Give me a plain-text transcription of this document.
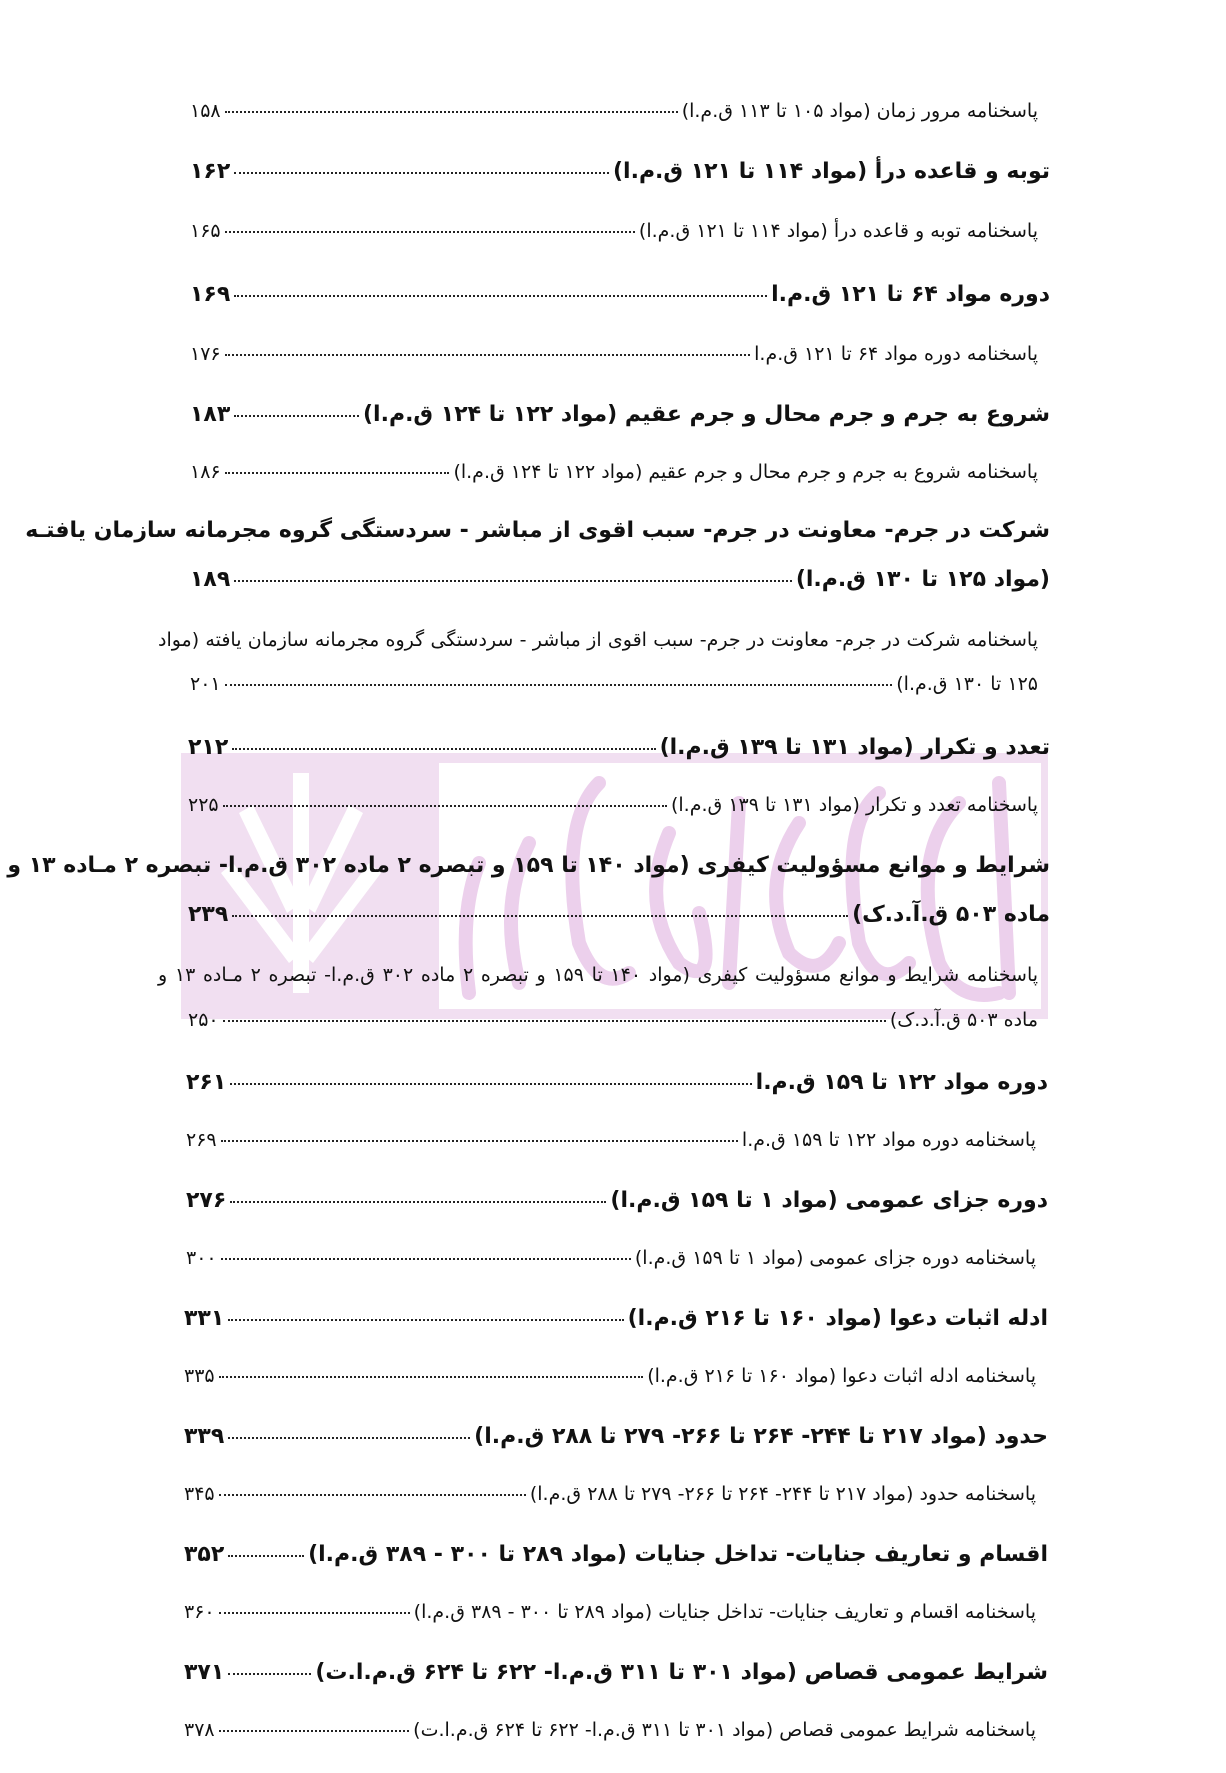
پاسخنامه مرور زمان (مواد ۱۰۵ تا ۱۱۳ ق.م.ا)
۱۵۸
توبه و قاعده درأ (مواد ۱۱۴ تا ۱۲۱ ق.م.ا)
۱۶۲
پاسخنامه توبه و قاعده درأ (مواد ۱۱۴ تا ۱۲۱ ق.م.ا)
۱۶۵
دوره مواد ۶۴ تا ۱۲۱ ق.م.ا
۱۶۹
پاسخنامه دوره مواد ۶۴ تا ۱۲۱ ق.م.ا
۱۷۶
شروع به جرم و جرم محال و جرم عقیم (مواد ۱۲۲ تا ۱۲۴ ق.م.ا)
۱۸۳
پاسخنامه شروع به جرم و جرم محال و جرم عقیم (مواد ۱۲۲ تا ۱۲۴ ق.م.ا)
۱۸۶
شرکت در جرم- معاونت در جرم- سبب اقوی از مباشر - سردستگی گروه مجرمانه سازمان یافتـه
(مواد ۱۲۵ تا ۱۳۰ ق.م.ا)
۱۸۹
پاسخنامه شرکت در جرم- معاونت در جرم- سبب اقوی از مباشر - سردستگی گروه مجرمانه سازمان یافته (مواد
۱۲۵ تا ۱۳۰ ق.م.ا)
۲۰۱
تعدد و تکرار (مواد ۱۳۱ تا ۱۳۹ ق.م.ا)
۲۱۲
پاسخنامه تعدد و تکرار (مواد ۱۳۱ تا ۱۳۹ ق.م.ا)
۲۲۵
شرایط و موانع مسؤولیت کیفری (مواد ۱۴۰ تا ۱۵۹ و تبصره ۲ ماده ۳۰۲ ق.م.ا- تبصره ۲ مـاده ۱۳ و
ماده ۵۰۳ ق.آ.د.ک)
۲۳۹
پاسخنامه شرایط و موانع مسؤولیت کیفری (مواد ۱۴۰ تا ۱۵۹ و تبصره ۲ ماده ۳۰۲ ق.م.ا- تبصره ۲ مـاده ۱۳ و
ماده ۵۰۳ ق.آ.د.ک)
۲۵۰
دوره مواد ۱۲۲ تا ۱۵۹ ق.م.ا
۲۶۱
پاسخنامه دوره مواد ۱۲۲ تا ۱۵۹ ق.م.ا
۲۶۹
دوره جزای عمومی (مواد ۱ تا ۱۵۹ ق.م.ا)
۲۷۶
پاسخنامه دوره جزای عمومی (مواد ۱ تا ۱۵۹ ق.م.ا)
۳۰۰
ادله اثبات دعوا (مواد ۱۶۰ تا ۲۱۶ ق.م.ا)
۳۳۱
پاسخنامه ادله اثبات دعوا (مواد ۱۶۰ تا ۲۱۶ ق.م.ا)
۳۳۵
حدود (مواد ۲۱۷ تا ۲۴۴- ۲۶۴ تا ۲۶۶- ۲۷۹ تا ۲۸۸ ق.م.ا)
۳۳۹
پاسخنامه حدود (مواد ۲۱۷ تا ۲۴۴- ۲۶۴ تا ۲۶۶- ۲۷۹ تا ۲۸۸ ق.م.ا)
۳۴۵
اقسام و تعاریف جنایات- تداخل جنایات (مواد ۲۸۹ تا ۳۰۰ - ۳۸۹ ق.م.ا)
۳۵۲
پاسخنامه اقسام و تعاریف جنایات- تداخل جنایات (مواد ۲۸۹ تا ۳۰۰ - ۳۸۹ ق.م.ا)
۳۶۰
شرایط عمومی قصاص (مواد ۳۰۱ تا ۳۱۱ ق.م.ا- ۶۲۲ تا ۶۲۴ ق.م.ا.ت)
۳۷۱
پاسخنامه شرایط عمومی قصاص (مواد ۳۰۱ تا ۳۱۱ ق.م.ا- ۶۲۲ تا ۶۲۴ ق.م.ا.ت)
۳۷۸
